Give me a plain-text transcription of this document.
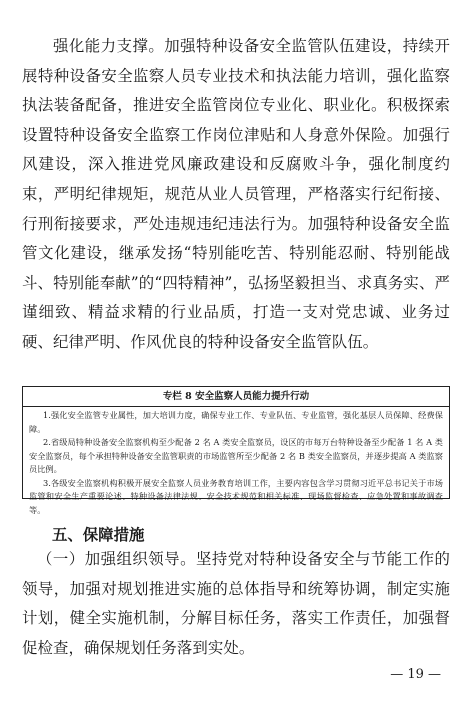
强化能力支撑。加强特种设备安全监管队伍建设，持续开展特种设备安全监察人员专业技术和执法能力培训，强化监察执法装备配备，推进安全监管岗位专业化、职业化。积极探索设置特种设备安全监察工作岗位津贴和人身意外保险。加强行风建设，深入推进党风廉政建设和反腐败斗争，强化制度约束，严明纪律规矩，规范从业人员管理，严格落实行纪衔接、行刑衔接要求，严处违规违纪违法行为。加强特种设备安全监管文化建设，继承发扬“特别能吃苦、特别能忍耐、特别能战斗、特别能奉献”的“四特精神”，弘扬坚毅担当、求真务实、严谨细致、精益求精的行业品质，打造一支对党忠诚、业务过硬、纪律严明、作风优良的特种设备安全监管队伍。

专栏 8 安全监察人员能力提升行动

1.强化安全监管专业属性，加大培训力度，确保专业工作、专业队伍、专业监管，强化基层人员保障、经费保障。

2.省级局特种设备安全监察机构至少配备 2 名 A 类安全监察员，设区的市每万台特种设备至少配备 1 名 A 类安全监察员，每个承担特种设备安全监管职责的市场监管所至少配备 2 名 B 类安全监察员，并逐步提高 A 类监察员比例。

3.各级安全监察机构积极开展安全监察人员业务教育培训工作，主要内容包含学习贯彻习近平总书记关于市场监管和安全生产重要论述、特种设备法律法规、安全技术规范和相关标准、现场监督检查、应急处置和事故调查等。

五、保障措施

（一）加强组织领导。坚持党对特种设备安全与节能工作的领导，加强对规划推进实施的总体指导和统筹协调，制定实施计划，健全实施机制，分解目标任务，落实工作责任，加强督促检查，确保规划任务落到实处。

— 19 —
